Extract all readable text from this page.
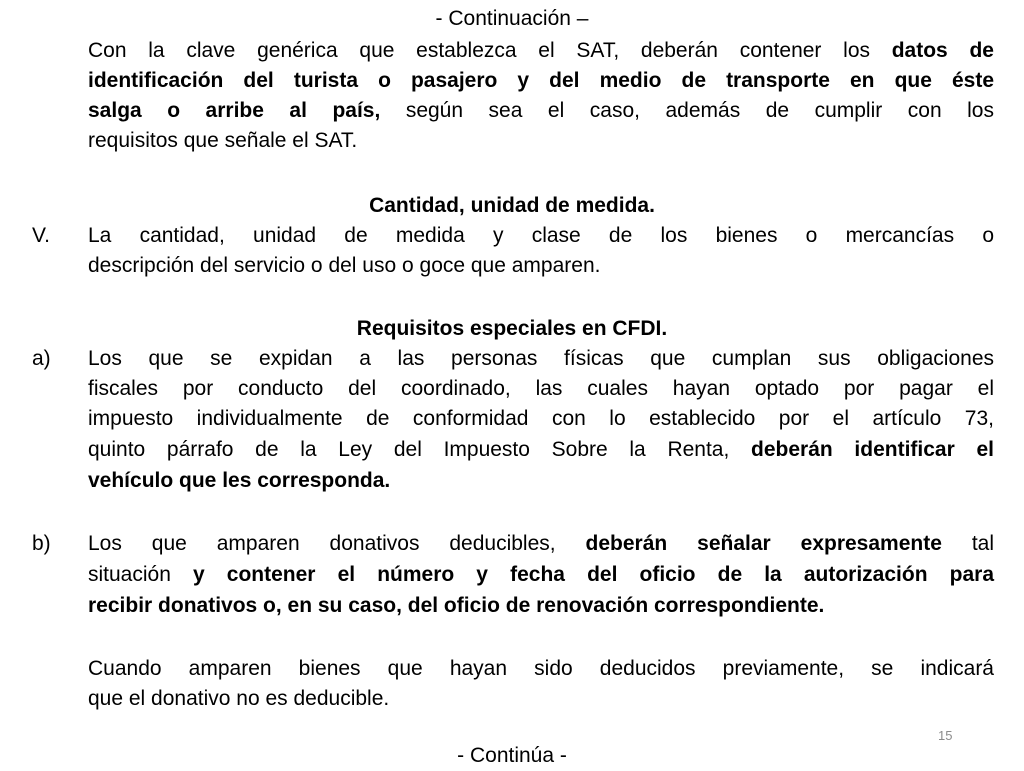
- Continuación –
Con la clave genérica que establezca el SAT, deberán contener los datos de
identificación del turista o pasajero y del medio de transporte en que éste
salga o arribe al país, según sea el caso, además de cumplir con los
requisitos que señale el SAT.
Cantidad, unidad de medida.
V. La cantidad, unidad de medida y clase de los bienes o mercancías o
descripción del servicio o del uso o goce que amparen.
Requisitos especiales en CFDI.
a) Los que se expidan a las personas físicas que cumplan sus obligaciones
fiscales por conducto del coordinado, las cuales hayan optado por pagar el
impuesto individualmente de conformidad con lo establecido por el artículo 73,
quinto párrafo de la Ley del Impuesto Sobre la Renta, deberán identificar el
vehículo que les corresponda.
b) Los que amparen donativos deducibles, deberán señalar expresamente tal
situación y contener el número y fecha del oficio de la autorización para
recibir donativos o, en su caso, del oficio de renovación correspondiente.
Cuando amparen bienes que hayan sido deducidos previamente, se indicará
que el donativo no es deducible.
15
- Continúa -
